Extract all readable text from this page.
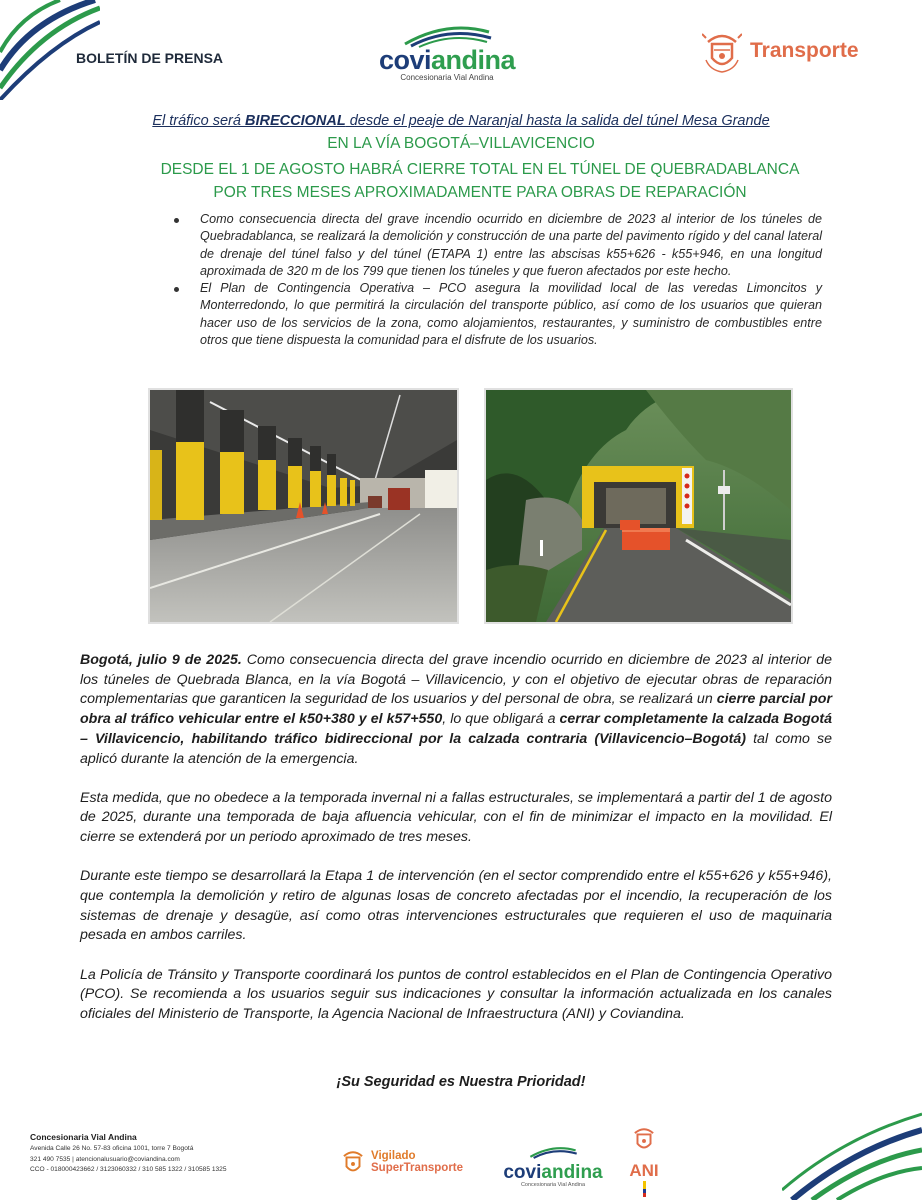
BOLETÍN DE PRENSA	coviandina
Concesionaria Vial Andina
Transporte
El tráfico será BIRECCIONAL desde el peaje de Naranjal hasta la salida del túnel Mesa Grande
EN LA VÍA BOGOTÁ–VILLAVICENCIO
DESDE EL 1 DE AGOSTO HABRÁ CIERRE TOTAL EN EL TÚNEL DE QUEBRADABLANCA POR TRES MESES APROXIMADAMENTE PARA OBRAS DE REPARACIÓN
Como consecuencia directa del grave incendio ocurrido en diciembre de 2023 al interior de los túneles de Quebradablanca, se realizará la demolición y construcción de una parte del pavimento rígido y del canal lateral de drenaje del túnel falso y del túnel (ETAPA 1) entre las abscisas k55+626 - k55+946, en una longitud aproximada de 320 m de los 799 que tienen los túneles y que fueron afectados por este hecho.
El Plan de Contingencia Operativa – PCO asegura la movilidad local de las veredas Limoncitos y Monterredondo, lo que permitirá la circulación del transporte público, así como de los usuarios que quieran hacer uso de los servicios de la zona, como alojamientos, restaurantes, y suministro de combustibles entre otros que tiene dispuesta la comunidad para el disfrute de los usuarios.

Bogotá, julio 9 de 2025. Como consecuencia directa del grave incendio ocurrido en diciembre de 2023 al interior de los túneles de Quebrada Blanca, en la vía Bogotá – Villavicencio, y con el objetivo de ejecutar obras de reparación complementarias que garanticen la seguridad de los usuarios y del personal de obra, se realizará un cierre parcial por obra al tráfico vehicular entre el k50+380 y el k57+550, lo que obligará a cerrar completamente la calzada Bogotá – Villavicencio, habilitando tráfico bidireccional por la calzada contraria (Villavicencio–Bogotá) tal como se aplicó durante la atención de la emergencia.

Esta medida, que no obedece a la temporada invernal ni a fallas estructurales, se implementará a partir del 1 de agosto de 2025, durante una temporada de baja afluencia vehicular, con el fin de minimizar el impacto en la movilidad. El cierre se extenderá por un periodo aproximado de tres meses.

Durante este tiempo se desarrollará la Etapa 1 de intervención (en el sector comprendido entre el k55+626 y k55+946), que contempla la demolición y retiro de algunas losas de concreto afectadas por el incendio, la recuperación de los sistemas de drenaje y desagüe, así como otras intervenciones estructurales que requieren el uso de maquinaria pesada en ambos carriles.

La Policía de Tránsito y Transporte coordinará los puntos de control establecidos en el Plan de Contingencia Operativo (PCO). Se recomienda a los usuarios seguir sus indicaciones y consultar la información actualizada en los canales oficiales del Ministerio de Transporte, la Agencia Nacional de Infraestructura (ANI) y Coviandina.

¡Su Seguridad es Nuestra Prioridad!
Concesionaria Vial Andina
Avenida Calle 26 No. 57-83 oficina 1001, torre 7 Bogotá
321 490 7535 | atencionalusuario@coviandina.com
CCO - 018000423662 / 3123060332 / 310 585 1322 / 310585 1325
Vigilado
SuperTransporte	coviandina
Concesionaria Vial Andina
ANI
